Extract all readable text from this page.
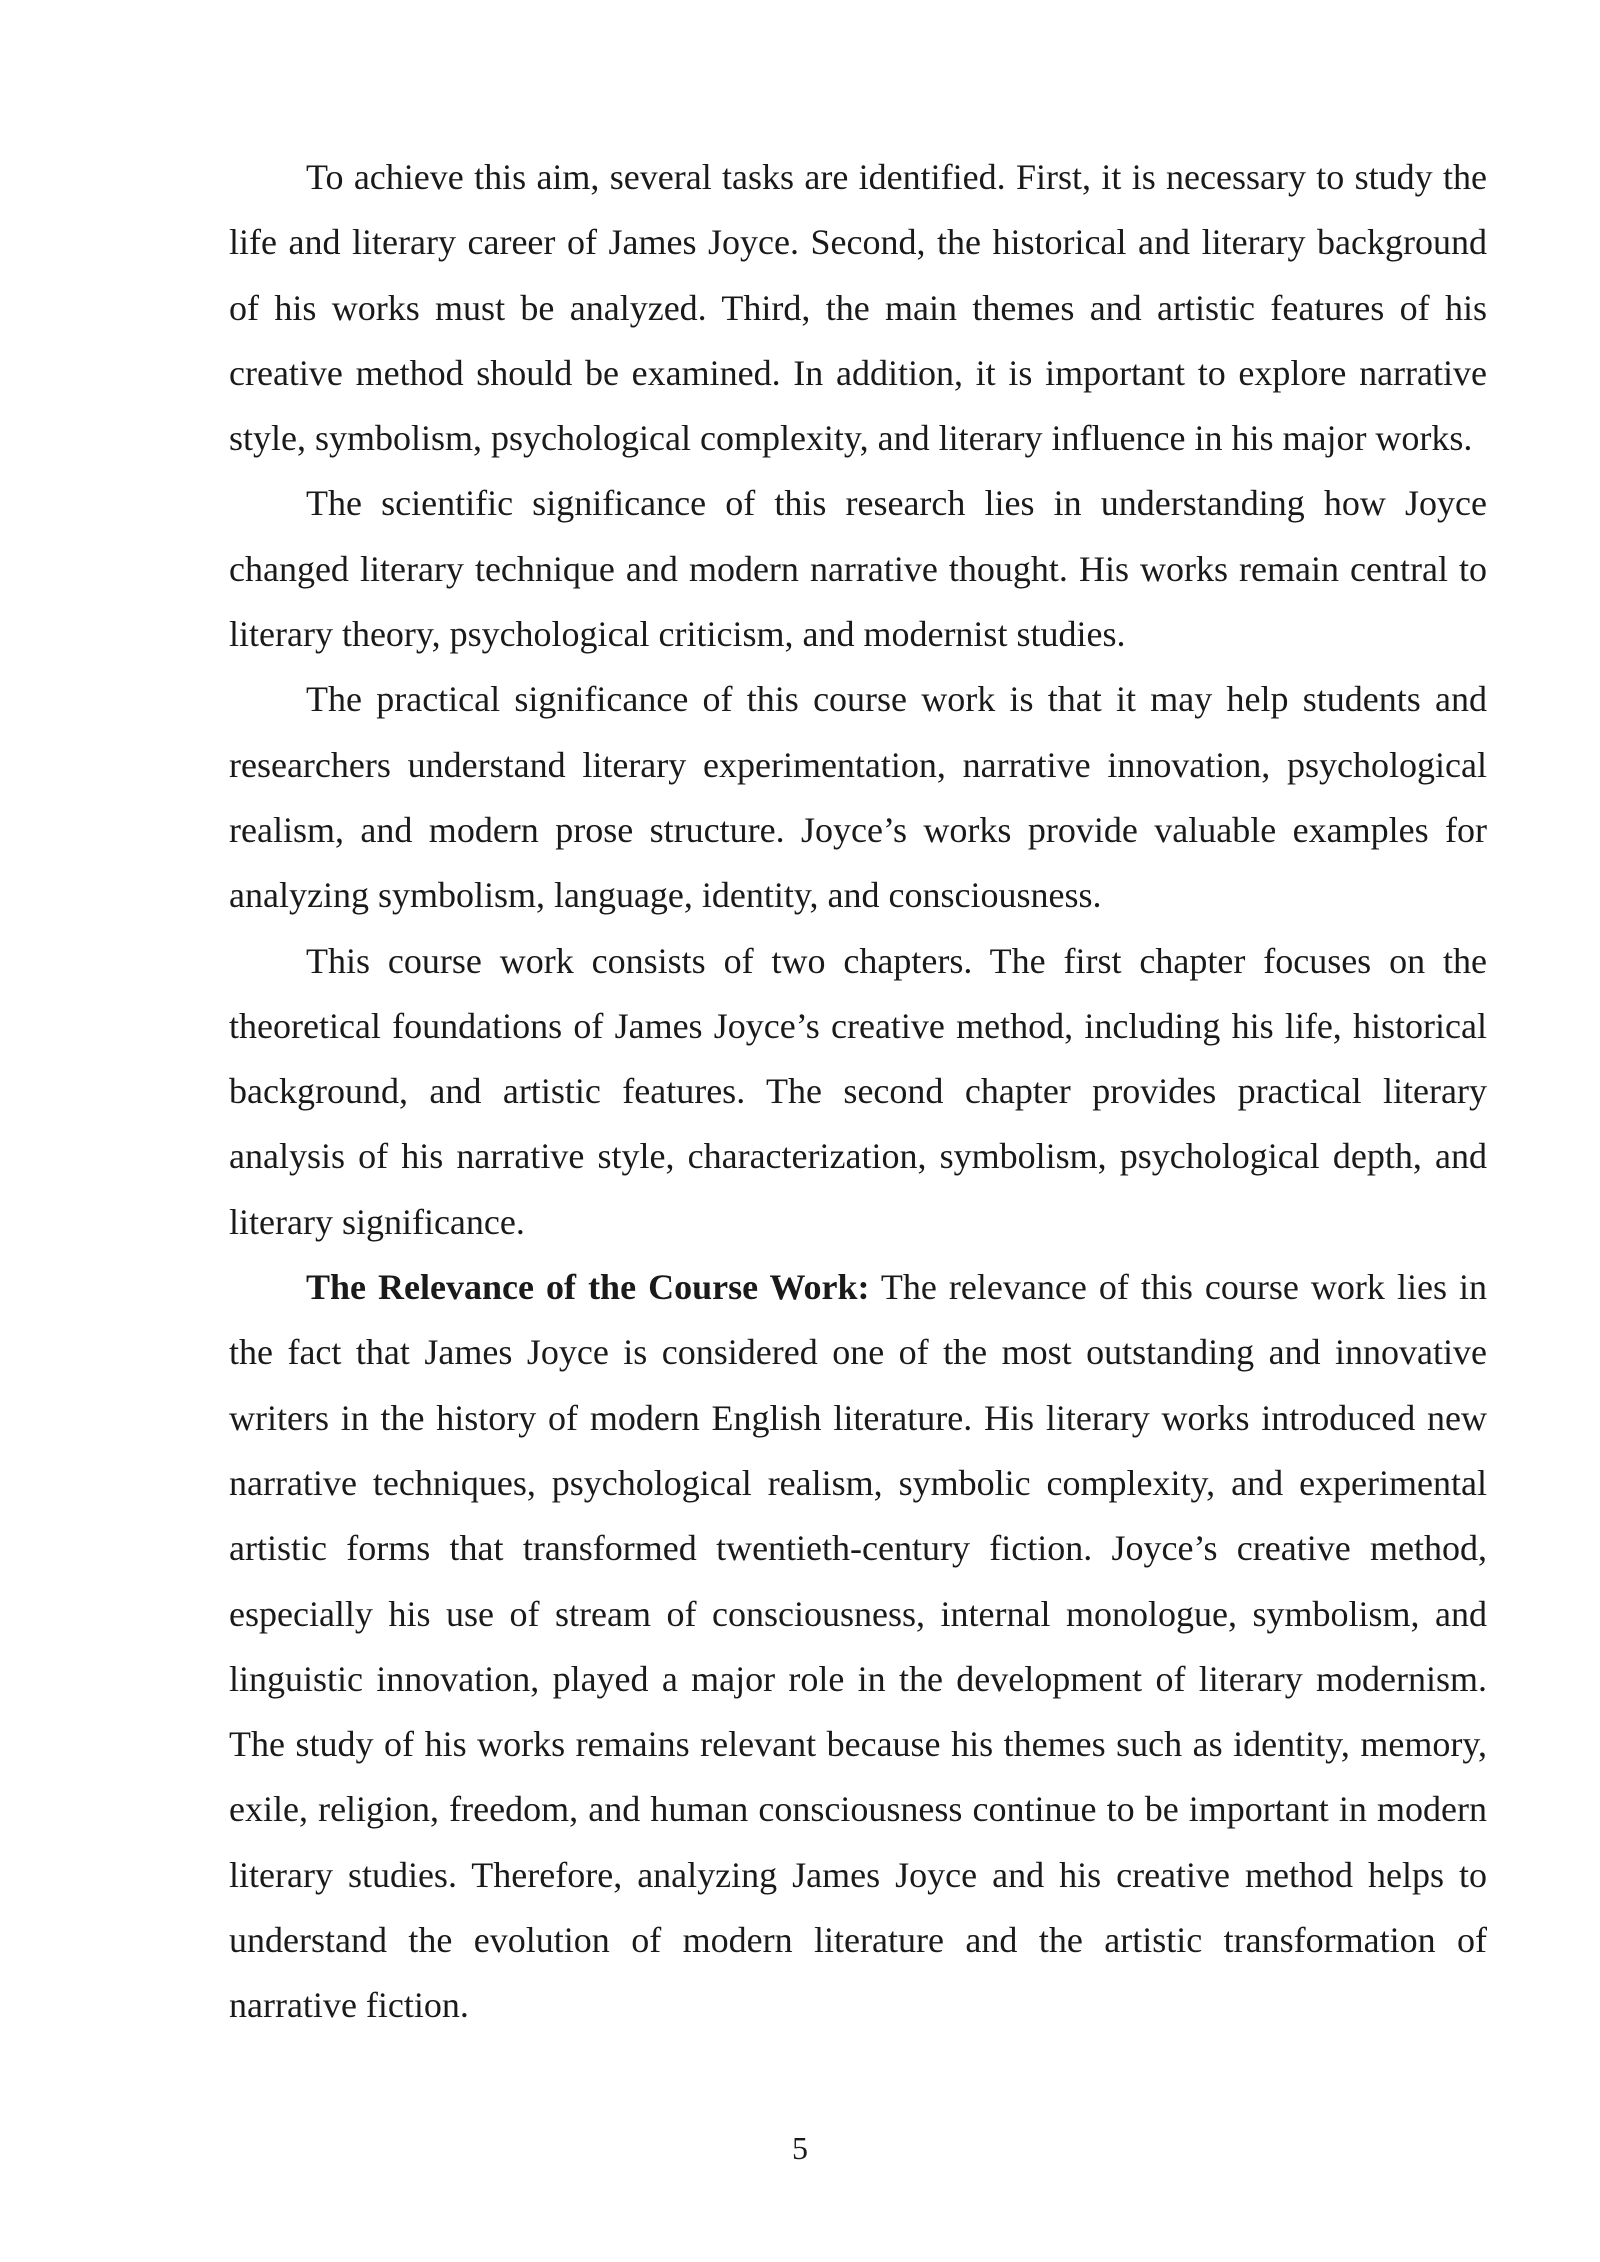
To achieve this aim, several tasks are identified. First, it is necessary to study the life and literary career of James Joyce. Second, the historical and literary background of his works must be analyzed. Third, the main themes and artistic features of his creative method should be examined. In addition, it is important to explore narrative style, symbolism, psychological complexity, and literary influence in his major works.

The scientific significance of this research lies in understanding how Joyce changed literary technique and modern narrative thought. His works remain central to literary theory, psychological criticism, and modernist studies.

The practical significance of this course work is that it may help students and researchers understand literary experimentation, narrative innovation, psychological realism, and modern prose structure. Joyce’s works provide valuable examples for analyzing symbolism, language, identity, and consciousness.

This course work consists of two chapters. The first chapter focuses on the theoretical foundations of James Joyce’s creative method, including his life, historical background, and artistic features. The second chapter provides practical literary analysis of his narrative style, characterization, symbolism, psychological depth, and literary significance.

The Relevance of the Course Work: The relevance of this course work lies in the fact that James Joyce is considered one of the most outstanding and innovative writers in the history of modern English literature. His literary works introduced new narrative techniques, psychological realism, symbolic complexity, and experimental artistic forms that transformed twentieth-century fiction. Joyce’s creative method, especially his use of stream of consciousness, internal monologue, symbolism, and linguistic innovation, played a major role in the development of literary modernism. The study of his works remains relevant because his themes such as identity, memory, exile, religion, freedom, and human consciousness continue to be important in modern literary studies. Therefore, analyzing James Joyce and his creative method helps to understand the evolution of modern literature and the artistic transformation of narrative fiction.

5
